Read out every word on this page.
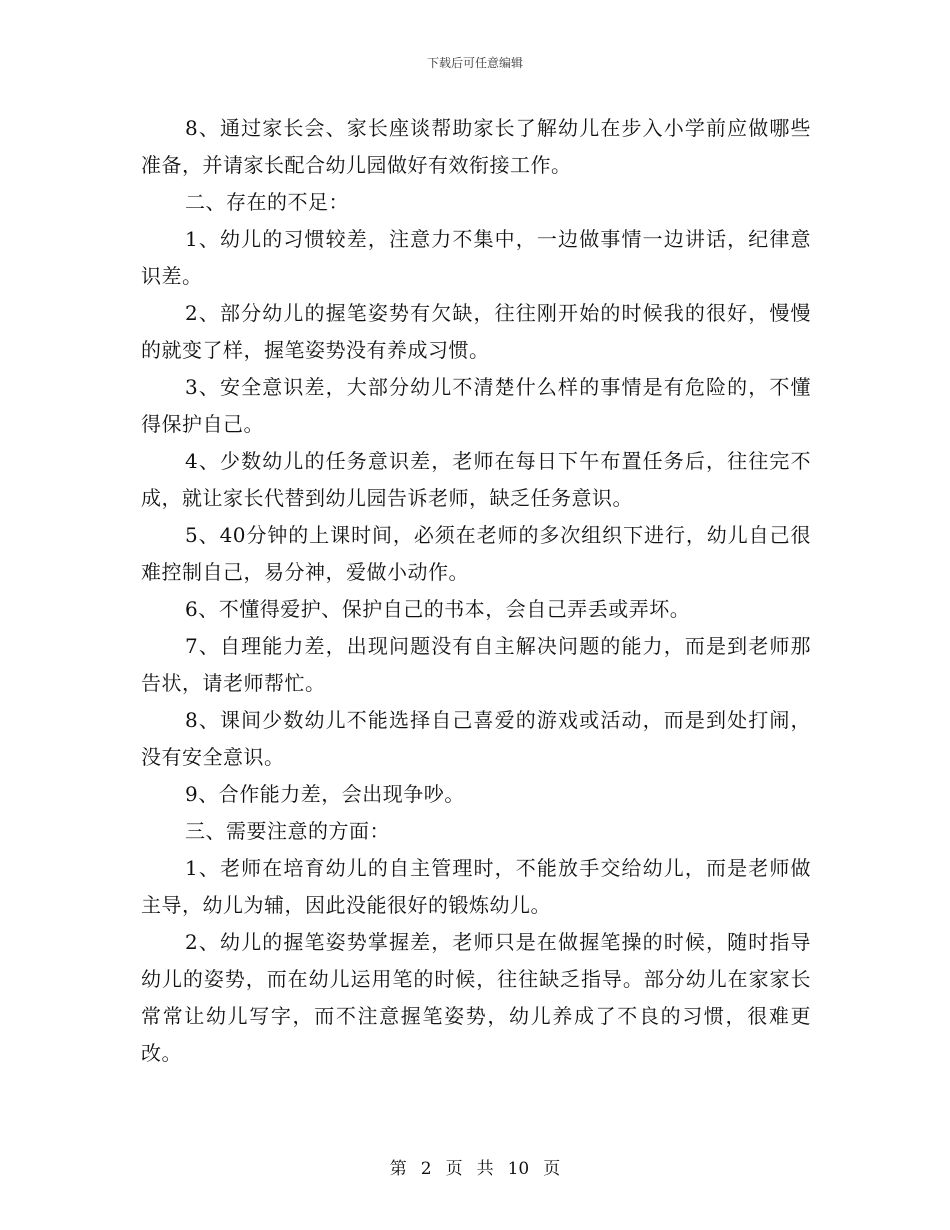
下载后可任意编辑

8、通过家长会、家长座谈帮助家长了解幼儿在步入小学前应做哪些准备，并请家长配合幼儿园做好有效衔接工作。

二、存在的不足：

1、幼儿的习惯较差，注意力不集中，一边做事情一边讲话，纪律意识差。

2、部分幼儿的握笔姿势有欠缺，往往刚开始的时候我的很好，慢慢的就变了样，握笔姿势没有养成习惯。

3、安全意识差，大部分幼儿不清楚什么样的事情是有危险的，不懂得保护自己。

4、少数幼儿的任务意识差，老师在每日下午布置任务后，往往完不成，就让家长代替到幼儿园告诉老师，缺乏任务意识。

5、40分钟的上课时间，必须在老师的多次组织下进行，幼儿自己很难控制自己，易分神，爱做小动作。

6、不懂得爱护、保护自己的书本，会自己弄丢或弄坏。

7、自理能力差，出现问题没有自主解决问题的能力，而是到老师那告状，请老师帮忙。

8、课间少数幼儿不能选择自己喜爱的游戏或活动，而是到处打闹，没有安全意识。

9、合作能力差，会出现争吵。

三、需要注意的方面：

1、老师在培育幼儿的自主管理时，不能放手交给幼儿，而是老师做主导，幼儿为辅，因此没能很好的锻炼幼儿。

2、幼儿的握笔姿势掌握差，老师只是在做握笔操的时候，随时指导幼儿的姿势，而在幼儿运用笔的时候，往往缺乏指导。部分幼儿在家家长常常让幼儿写字，而不注意握笔姿势，幼儿养成了不良的习惯，很难更改。

第 2 页 共 10 页
